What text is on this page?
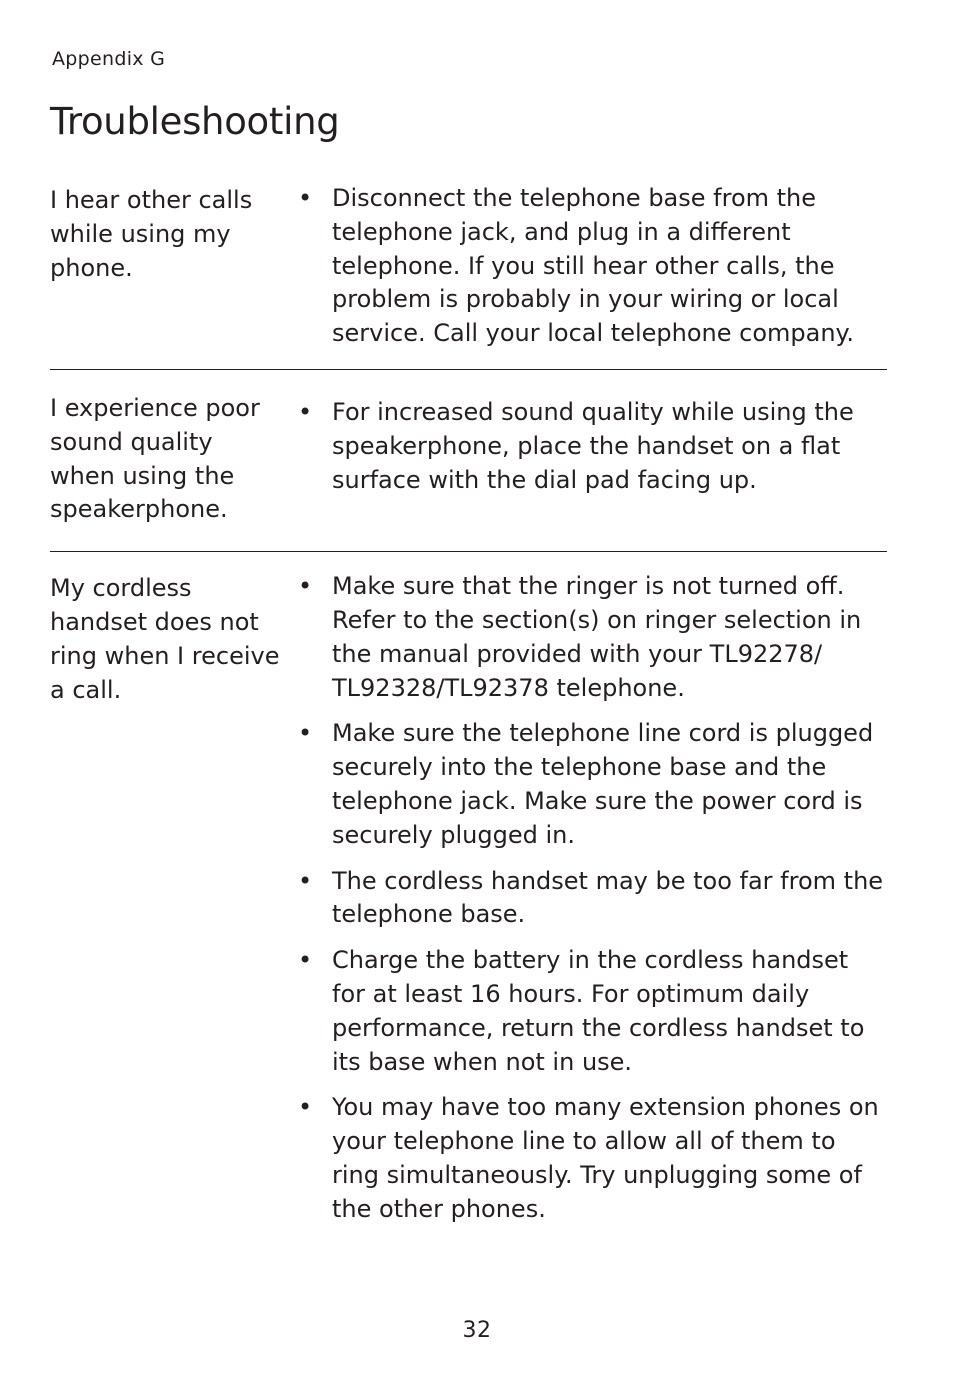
Appendix G
Troubleshooting
I hear other calls while using my phone.
• Disconnect the telephone base from the telephone jack, and plug in a different telephone. If you still hear other calls, the problem is probably in your wiring or local service. Call your local telephone company.
I experience poor sound quality when using the speakerphone.
• For increased sound quality while using the speakerphone, place the handset on a flat surface with the dial pad facing up.
My cordless handset does not ring when I receive a call.
• Make sure that the ringer is not turned off. Refer to the section(s) on ringer selection in the manual provided with your TL92278/ TL92328/TL92378 telephone.
• Make sure the telephone line cord is plugged securely into the telephone base and the telephone jack. Make sure the power cord is securely plugged in.
• The cordless handset may be too far from the telephone base.
• Charge the battery in the cordless handset for at least 16 hours. For optimum daily performance, return the cordless handset to its base when not in use.
• You may have too many extension phones on your telephone line to allow all of them to ring simultaneously. Try unplugging some of the other phones.
32
